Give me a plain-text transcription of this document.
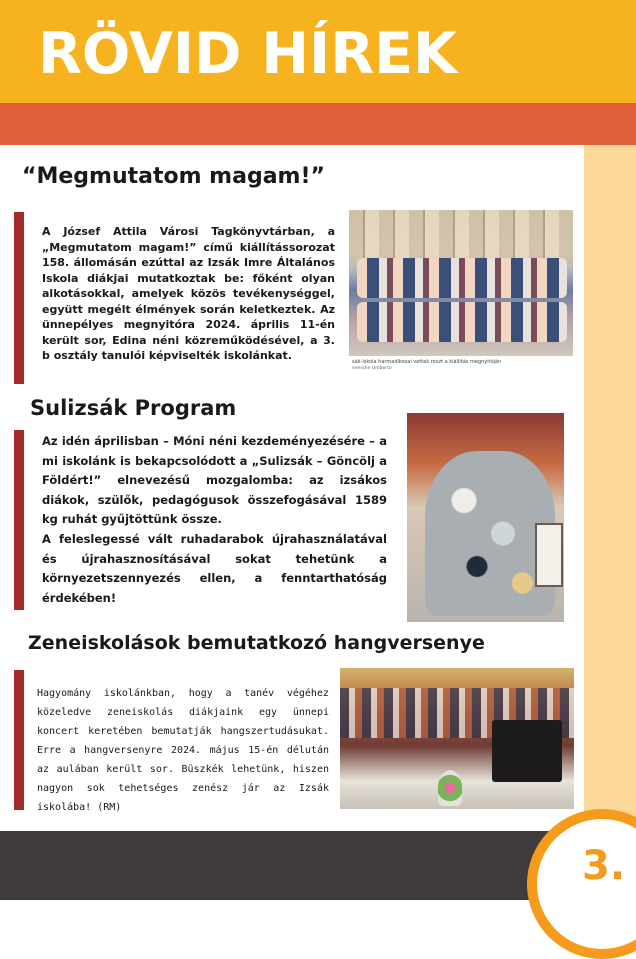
RÖVID HÍREK
“Megmutatom magam!”

A József Attila Városi Tagkönyvtárban, a „Megmutatom magam!” című kiállítássorozat 158. állomásán ezúttal az Izsák Imre Általános Iskola diákjai mutatkoztak be: főként olyan alkotásokkal, amelyek közös tevékenységgel, együtt megélt élmények során keletkeztek. Az ünnepélyes megnyitóra 2024. április 11-én került sor, Edina néni közreműködésével, a 3. b osztály tanulói képviselték iskolánkat.	sák-iskola harmadikosai vettek részt a kiállítás megnyitóján
evesshe Umberto
Sulizsák Program
Az idén áprilisban – Móni néni kezdeményezésére – a mi iskolánk is bekapcsolódott a „Sulizsák – Göncölj a Földért!” elnevezésű mozgalomba: az izsákos diákok, szülők, pedagógusok összefogásával 1589 kg ruhát gyűjtöttünk össze.
A feleslegessé vált ruhadarabok újrahasználatával és újrahasznosításával sokat tehetünk a környezetszennyezés ellen, a fenntarthatóság érdekében!
Zeneiskolások bemutatkozó hangversenye

Hagyomány iskolánkban, hogy a tanév végéhez közeledve zeneiskolás diákjaink egy ünnepi koncert keretében bemutatják hangszertudásukat. Erre a hangversenyre 2024. május 15-én délután az aulában került sor. Büszkék lehetünk, hiszen nagyon sok tehetséges zenész jár az Izsák iskolába! (RM)

3.
